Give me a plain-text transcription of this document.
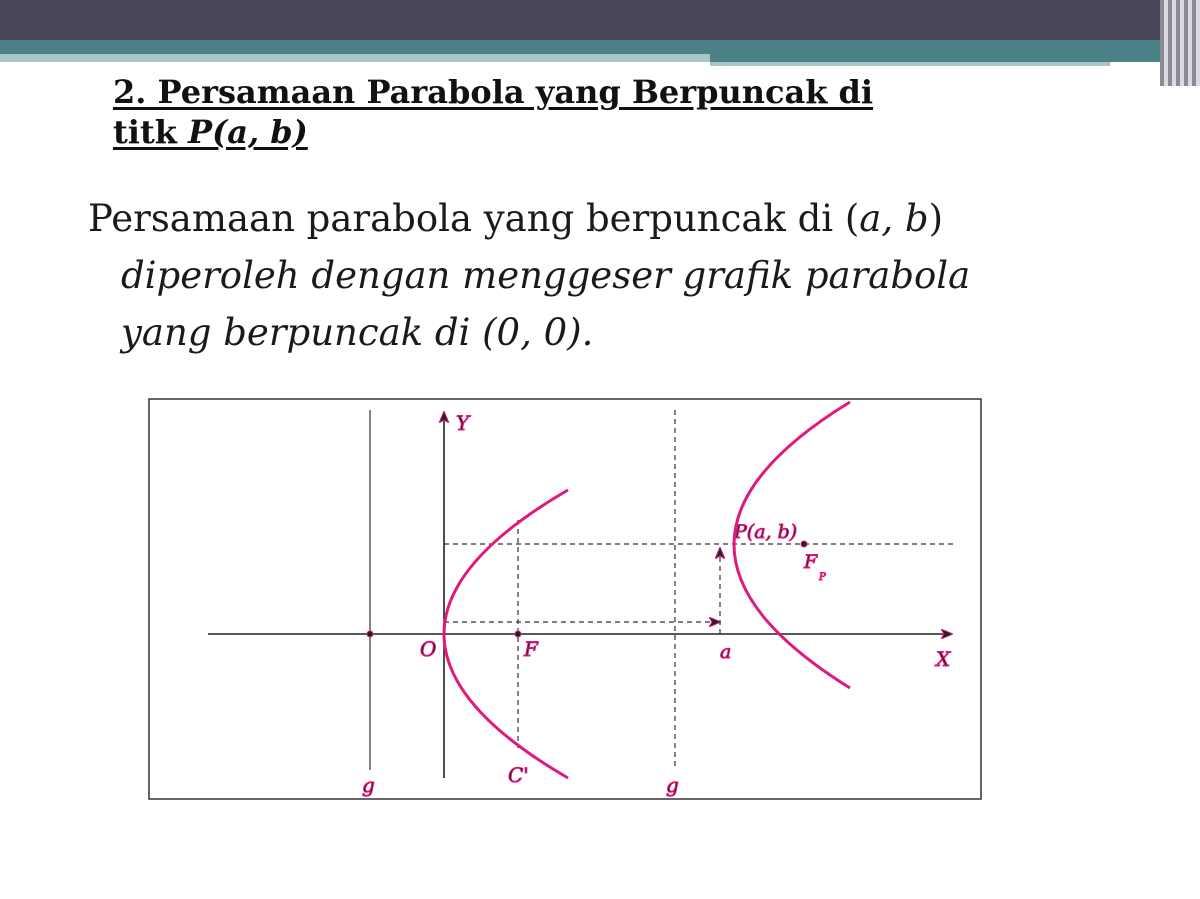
2. Persamaan Parabola yang Berpuncak di
titk P(a, b)

Persamaan parabola yang berpuncak di (a, b)
diperoleh dengan menggeser grafik parabola
yang berpuncak di (0, 0).

Y
X
O	F	a
P(a, b)
F
P
C'
g	g
